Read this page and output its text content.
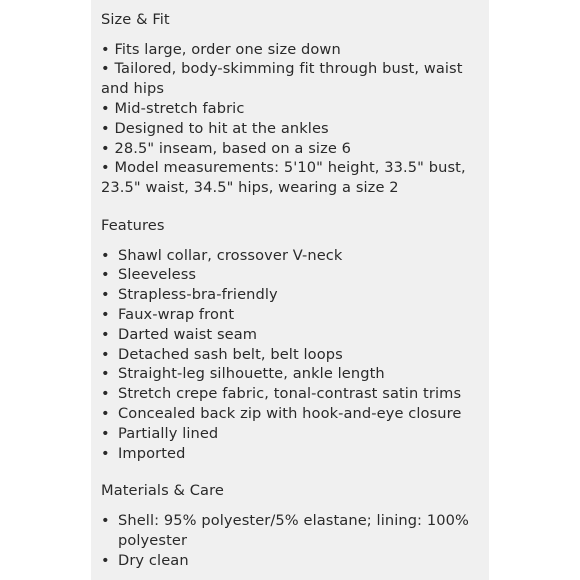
Size & Fit
• Fits large, order one size down
• Tailored, body-skimming fit through bust, waist and hips
• Mid-stretch fabric
• Designed to hit at the ankles
• 28.5" inseam, based on a size 6
• Model measurements: 5'10" height, 33.5" bust, 23.5" waist, 34.5" hips, wearing a size 2
Features
• Shawl collar, crossover V-neck
• Sleeveless
• Strapless-bra-friendly
• Faux-wrap front
• Darted waist seam
• Detached sash belt, belt loops
• Straight-leg silhouette, ankle length
• Stretch crepe fabric, tonal-contrast satin trims
• Concealed back zip with hook-and-eye closure
• Partially lined
• Imported
Materials & Care
• Shell: 95% polyester/5% elastane; lining: 100% polyester
• Dry clean
